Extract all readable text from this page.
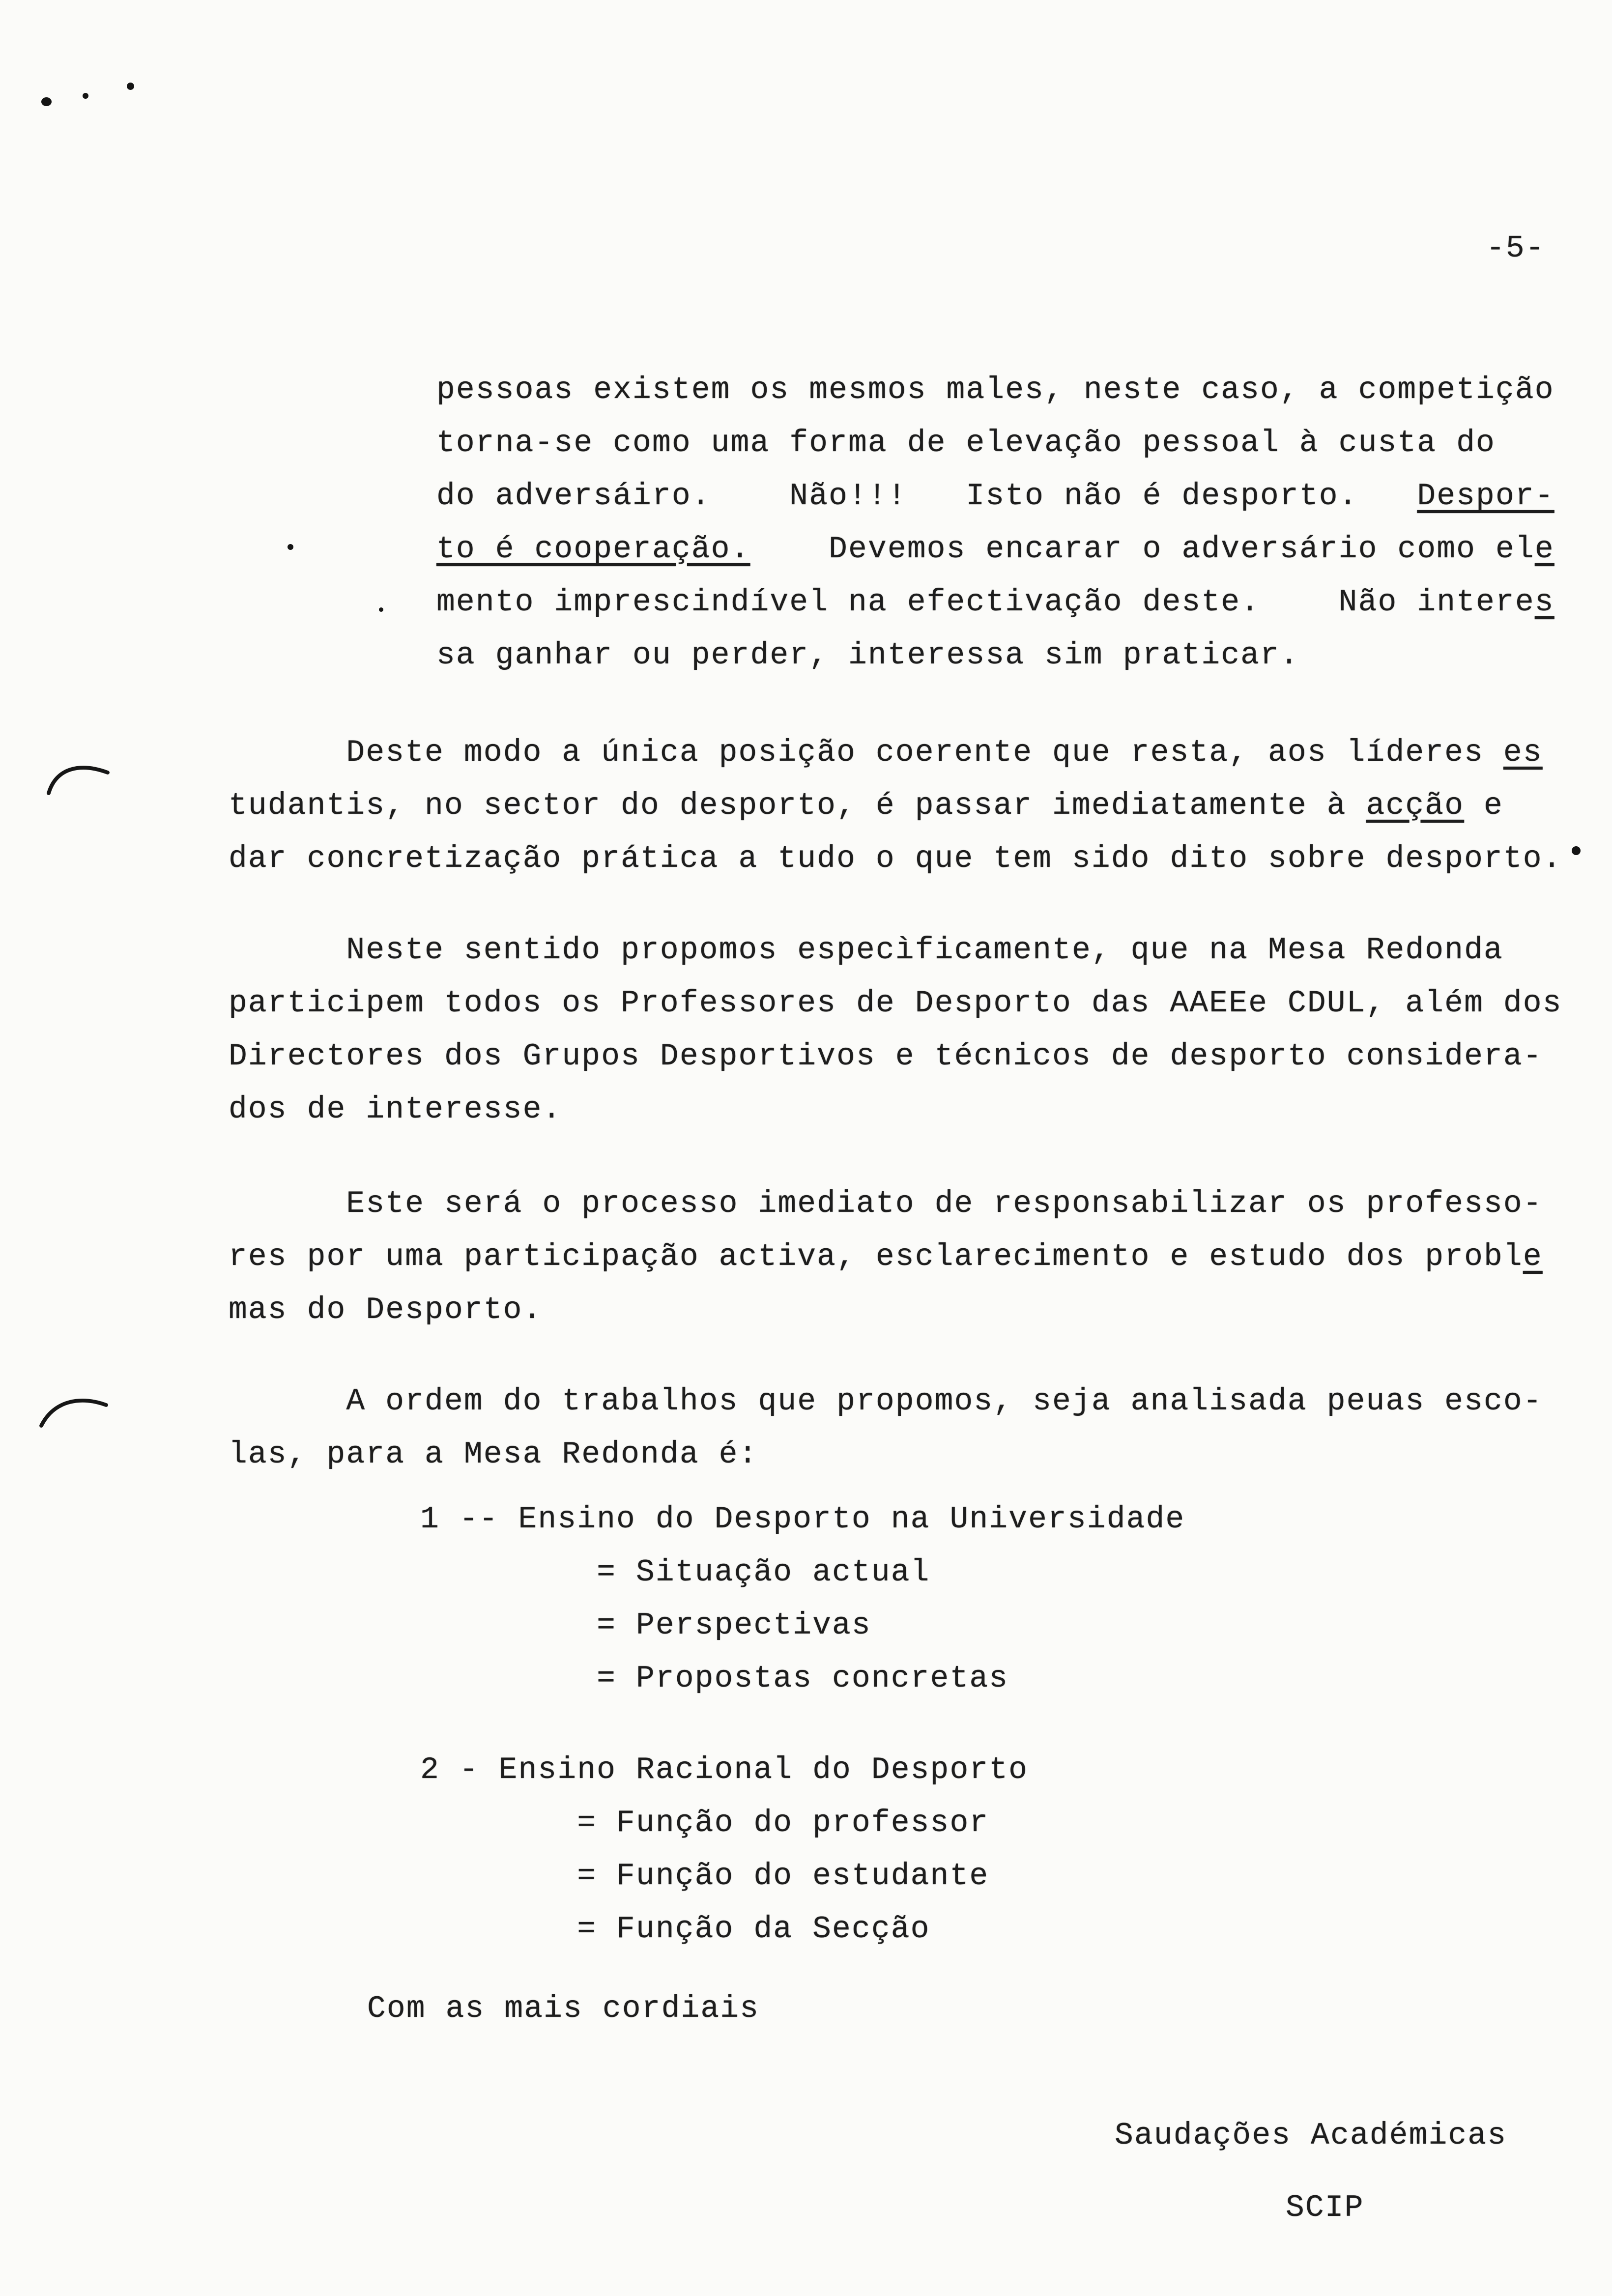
-5-
pessoas existem os mesmos males, neste caso, a competição
torna-se como uma forma de elevação pessoal à custa do
do adversáiro.    Não!!!   Isto não é desporto.   Despor-
to é cooperação.    Devemos encarar o adversário como ele
mento imprescindível na efectivação deste.    Não interes
sa ganhar ou perder, interessa sim praticar.
Deste modo a única posição coerente que resta, aos líderes es
tudantis, no sector do desporto, é passar imediatamente à acção e
dar concretização prática a tudo o que tem sido dito sobre desporto.
Neste sentido propomos especìficamente, que na Mesa Redonda
participem todos os Professores de Desporto das AAEEe CDUL, além dos
Directores dos Grupos Desportivos e técnicos de desporto considera-
dos de interesse.
Este será o processo imediato de responsabilizar os professo-
res por uma participação activa, esclarecimento e estudo dos proble
mas do Desporto.
A ordem do trabalhos que propomos, seja analisada peuas esco-
las, para a Mesa Redonda é:
1 -- Ensino do Desporto na Universidade
= Situação actual
= Perspectivas
= Propostas concretas
2 - Ensino Racional do Desporto
= Função do professor
= Função do estudante
= Função da Secção
Com as mais cordiais
Saudações Académicas
SCIP
